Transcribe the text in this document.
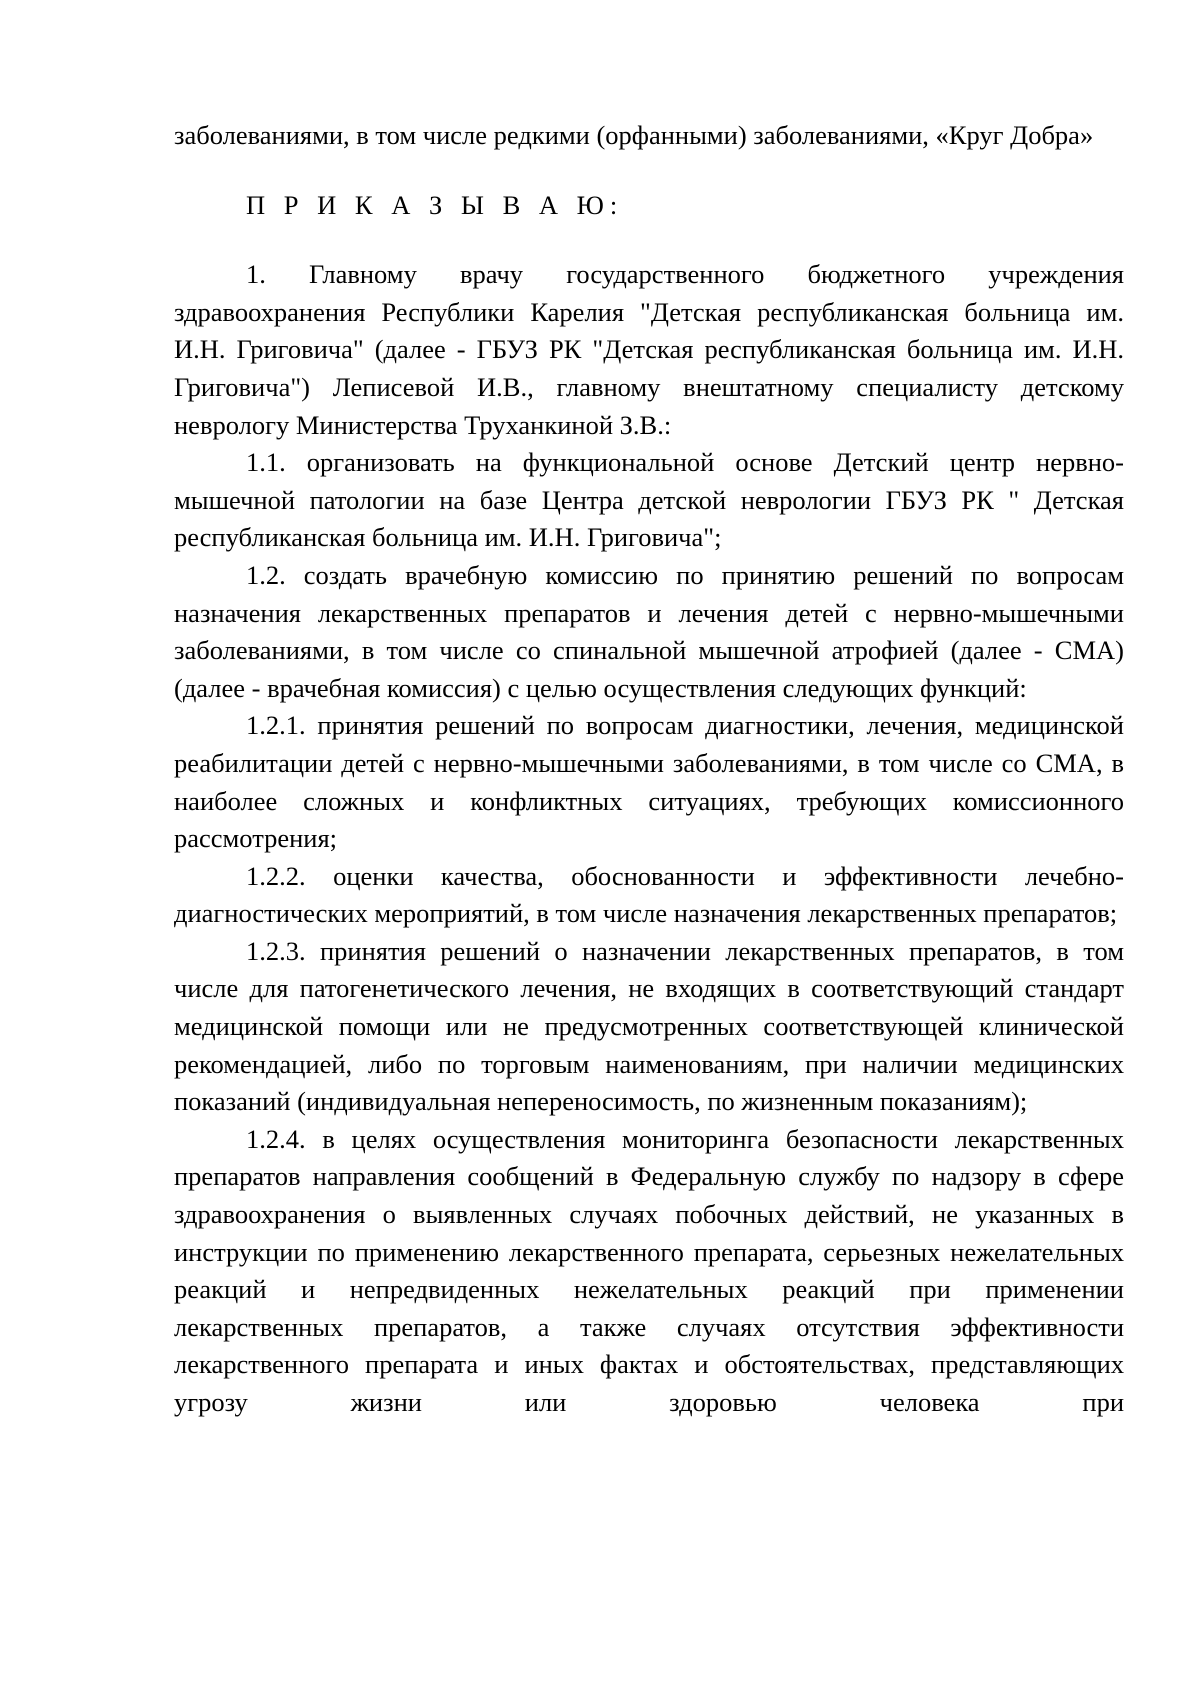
заболеваниями, в том числе редкими (орфанными) заболеваниями, «Круг Добра»

П Р И К А З Ы В А Ю:

1. Главному врачу государственного бюджетного учреждения здравоохранения Республики Карелия "Детская республиканская больница им. И.Н. Григовича" (далее - ГБУЗ РК "Детская республиканская больница им. И.Н. Григовича") Леписевой И.В., главному внештатному специалисту детскому неврологу Министерства Труханкиной З.В.:

1.1. организовать на функциональной основе Детский центр нервно-мышечной патологии на базе Центра детской неврологии ГБУЗ РК " Детская республиканская больница им. И.Н. Григовича";

1.2. создать врачебную комиссию по принятию решений по вопросам назначения лекарственных препаратов и лечения детей с нервно-мышечными заболеваниями, в том числе со спинальной мышечной атрофией (далее - СМА) (далее - врачебная комиссия) с целью осуществления следующих функций:

1.2.1. принятия решений по вопросам диагностики, лечения, медицинской реабилитации детей с нервно-мышечными заболеваниями, в том числе со СМА, в наиболее сложных и конфликтных ситуациях, требующих комиссионного рассмотрения;

1.2.2. оценки качества, обоснованности и эффективности лечебно-диагностических мероприятий, в том числе назначения лекарственных препаратов;

1.2.3. принятия решений о назначении лекарственных препаратов, в том числе для патогенетического лечения, не входящих в соответствующий стандарт медицинской помощи или не предусмотренных соответствующей клинической рекомендацией, либо по торговым наименованиям, при наличии медицинских показаний (индивидуальная непереносимость, по жизненным показаниям);

1.2.4. в целях осуществления мониторинга безопасности лекарственных препаратов направления сообщений в Федеральную службу по надзору в сфере здравоохранения о выявленных случаях побочных действий, не указанных в инструкции по применению лекарственного препарата, серьезных нежелательных реакций и непредвиденных нежелательных реакций при применении лекарственных препаратов, а также случаях отсутствия эффективности лекарственного препарата и иных фактах и обстоятельствах, представляющих угрозу жизни или здоровью человека при
